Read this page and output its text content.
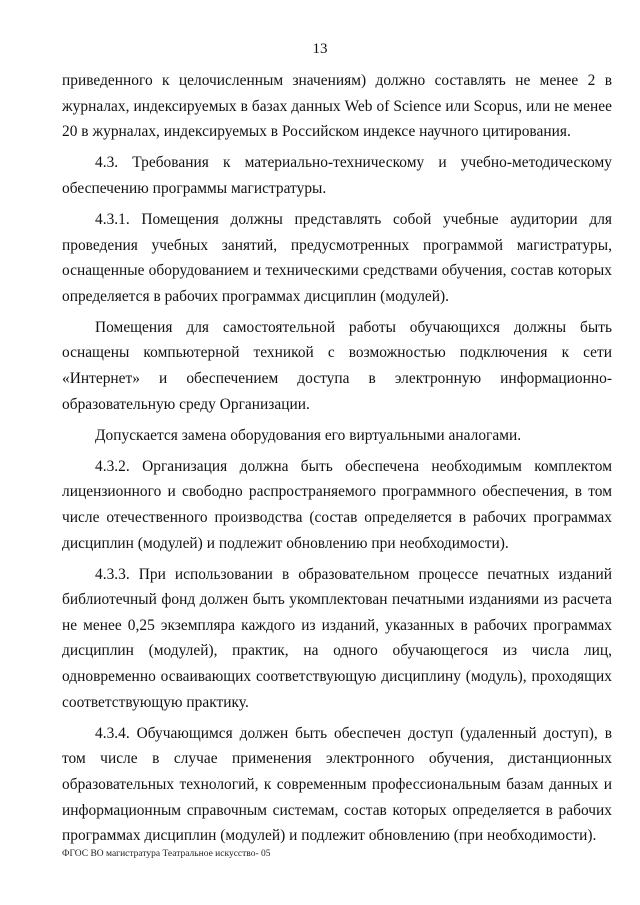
13

приведенного к целочисленным значениям) должно составлять не менее 2 в журналах, индексируемых в базах данных Web of Science или Scopus, или не менее 20 в журналах, индексируемых в Российском индексе научного цитирования.

4.3. Требования к материально-техническому и учебно-методическому обеспечению программы магистратуры.

4.3.1. Помещения должны представлять собой учебные аудитории для проведения учебных занятий, предусмотренных программой магистратуры, оснащенные оборудованием и техническими средствами обучения, состав которых определяется в рабочих программах дисциплин (модулей).

Помещения для самостоятельной работы обучающихся должны быть оснащены компьютерной техникой с возможностью подключения к сети «Интернет» и обеспечением доступа в электронную информационно-образовательную среду Организации.

Допускается замена оборудования его виртуальными аналогами.

4.3.2. Организация должна быть обеспечена необходимым комплектом лицензионного и свободно распространяемого программного обеспечения, в том числе отечественного производства (состав определяется в рабочих программах дисциплин (модулей) и подлежит обновлению при необходимости).

4.3.3. При использовании в образовательном процессе печатных изданий библиотечный фонд должен быть укомплектован печатными изданиями из расчета не менее 0,25 экземпляра каждого из изданий, указанных в рабочих программах дисциплин (модулей), практик, на одного обучающегося из числа лиц, одновременно осваивающих соответствующую дисциплину (модуль), проходящих соответствующую практику.

4.3.4. Обучающимся должен быть обеспечен доступ (удаленный доступ), в том числе в случае применения электронного обучения, дистанционных образовательных технологий, к современным профессиональным базам данных и информационным справочным системам, состав которых определяется в рабочих программах дисциплин (модулей) и подлежит обновлению (при необходимости).

ФГОС ВО магистратура Театральное искусство- 05
